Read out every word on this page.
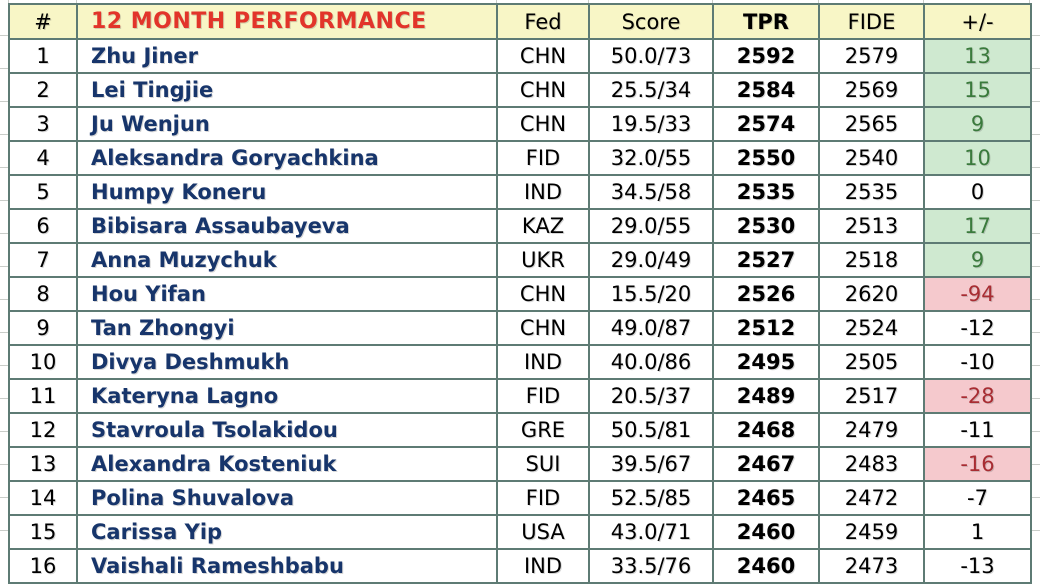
#	12 MONTH PERFORMANCE	Fed	Score	TPR	FIDE	+/-
1	Zhu Jiner	CHN	50.0/73	2592	2579	13
2	Lei Tingjie	CHN	25.5/34	2584	2569	15
3	Ju Wenjun	CHN	19.5/33	2574	2565	9
4	Aleksandra Goryachkina	FID	32.0/55	2550	2540	10
5	Humpy Koneru	IND	34.5/58	2535	2535	0
6	Bibisara Assaubayeva	KAZ	29.0/55	2530	2513	17
7	Anna Muzychuk	UKR	29.0/49	2527	2518	9
8	Hou Yifan	CHN	15.5/20	2526	2620	-94
9	Tan Zhongyi	CHN	49.0/87	2512	2524	-12
10	Divya Deshmukh	IND	40.0/86	2495	2505	-10
11	Kateryna Lagno	FID	20.5/37	2489	2517	-28
12	Stavroula Tsolakidou	GRE	50.5/81	2468	2479	-11
13	Alexandra Kosteniuk	SUI	39.5/67	2467	2483	-16
14	Polina Shuvalova	FID	52.5/85	2465	2472	-7
15	Carissa Yip	USA	43.0/71	2460	2459	1
16	Vaishali Rameshbabu	IND	33.5/76	2460	2473	-13
